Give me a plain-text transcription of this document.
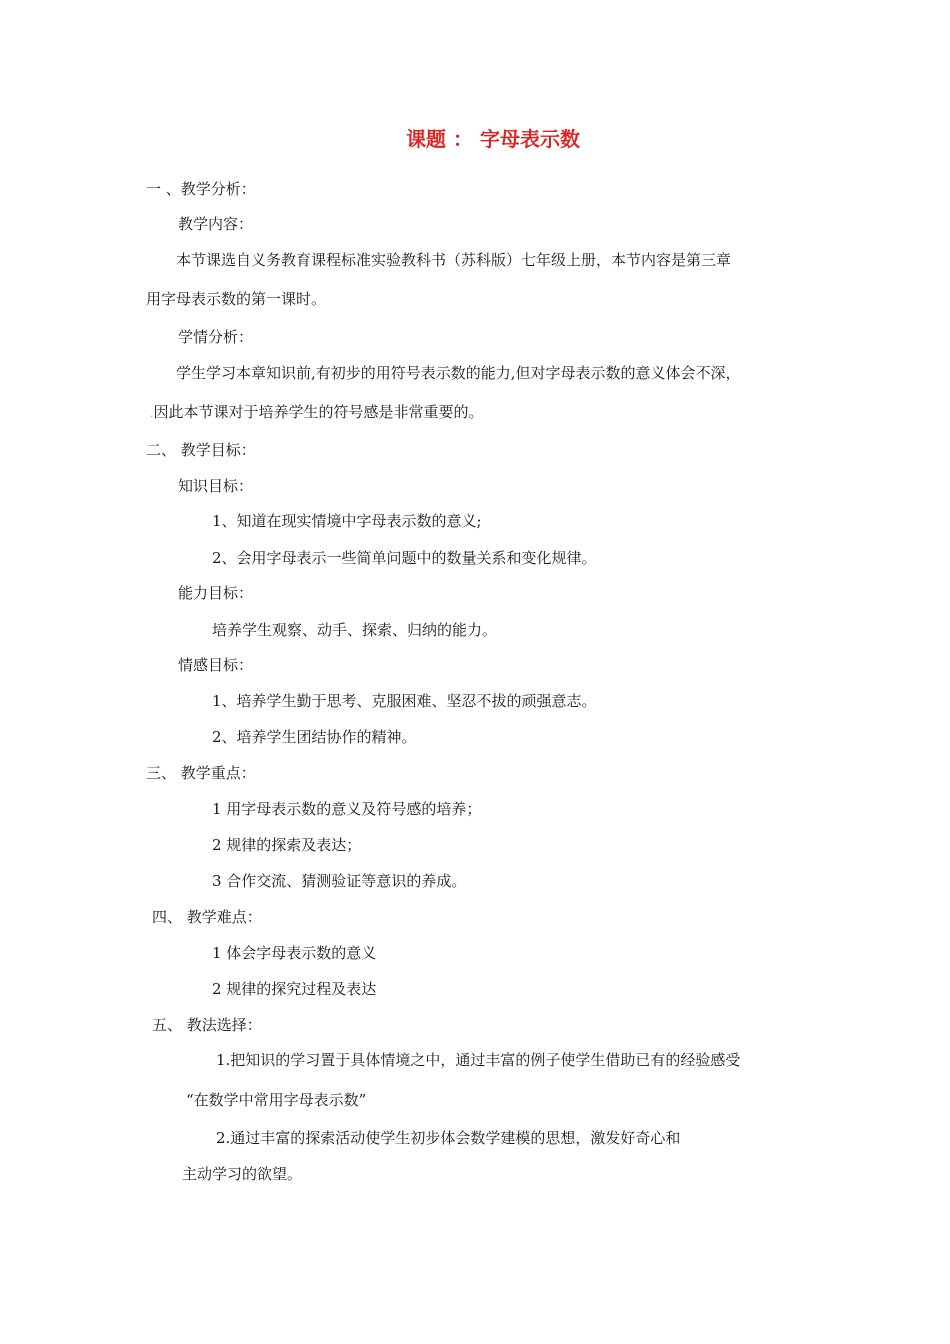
课题 ： 字母表示数
一 、教学分析：
教学内容：
本节课选自义务教育课程标准实验教科书（苏科版）七年级上册，本节内容是第三章
用字母表示数的第一课时。
学情分析：
学生学习本章知识前,有初步的用符号表示数的能力,但对字母表示数的意义体会不深，
.因此本节课对于培养学生的符号感是非常重要的。
二、 教学目标：
知识目标：
1、知道在现实情境中字母表示数的意义;
2、会用字母表示一些简单问题中的数量关系和变化规律。
能力目标：
培养学生观察、动手、探索、归纳的能力。
情感目标：
1、培养学生勤于思考、克服困难、坚忍不拔的顽强意志。
2、培养学生团结协作的精神。
三、 教学重点：
1 用字母表示数的意义及符号感的培养；
2 规律的探索及表达；
3 合作交流、猜测验证等意识的养成。
四、 教学难点：
1 体会字母表示数的意义
2 规律的探究过程及表达
五、 教法选择：
1.把知识的学习置于具体情境之中，通过丰富的例子使学生借助已有的经验感受
“在数学中常用字母表示数”
2.通过丰富的探索活动使学生初步体会数学建模的思想，激发好奇心和
主动学习的欲望。
